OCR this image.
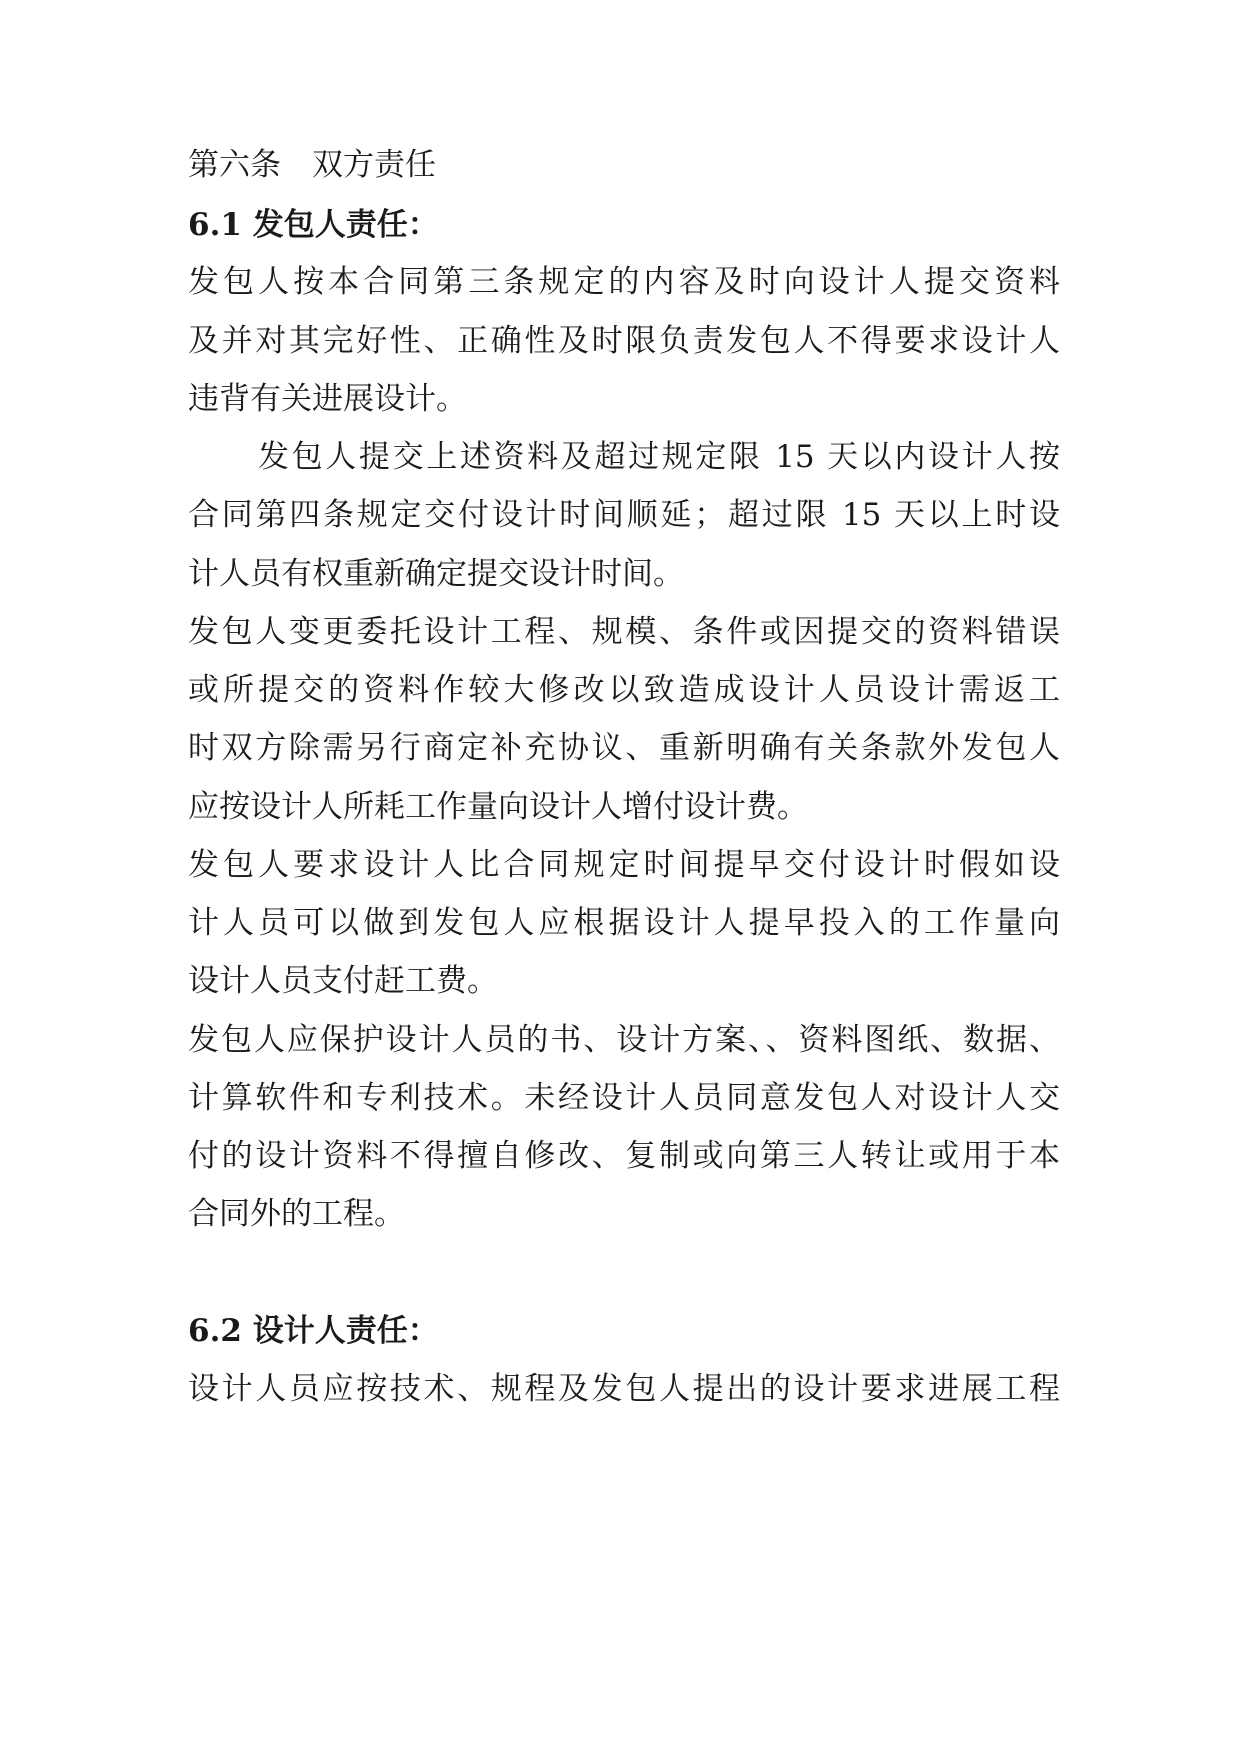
第六条　双方责任
6.1 发包人责任：
发包人按本合同第三条规定的内容及时向设计人提交资料
及并对其完好性、正确性及时限负责发包人不得要求设计人
违背有关进展设计。
发包人提交上述资料及超过规定限 15 天以内设计人按
合同第四条规定交付设计时间顺延；超过限 15 天以上时设
计人员有权重新确定提交设计时间。
发包人变更委托设计工程、规模、条件或因提交的资料错误
或所提交的资料作较大修改以致造成设计人员设计需返工
时双方除需另行商定补充协议、重新明确有关条款外发包人
应按设计人所耗工作量向设计人增付设计费。
发包人要求设计人比合同规定时间提早交付设计时假如设
计人员可以做到发包人应根据设计人提早投入的工作量向
设计人员支付赶工费。
发包人应保护设计人员的书、设计方案、、资料图纸、数据、
计算软件和专利技术。未经设计人员同意发包人对设计人交
付的设计资料不得擅自修改、复制或向第三人转让或用于本
合同外的工程。
6.2 设计人责任：
设计人员应按技术、规程及发包人提出的设计要求进展工程
